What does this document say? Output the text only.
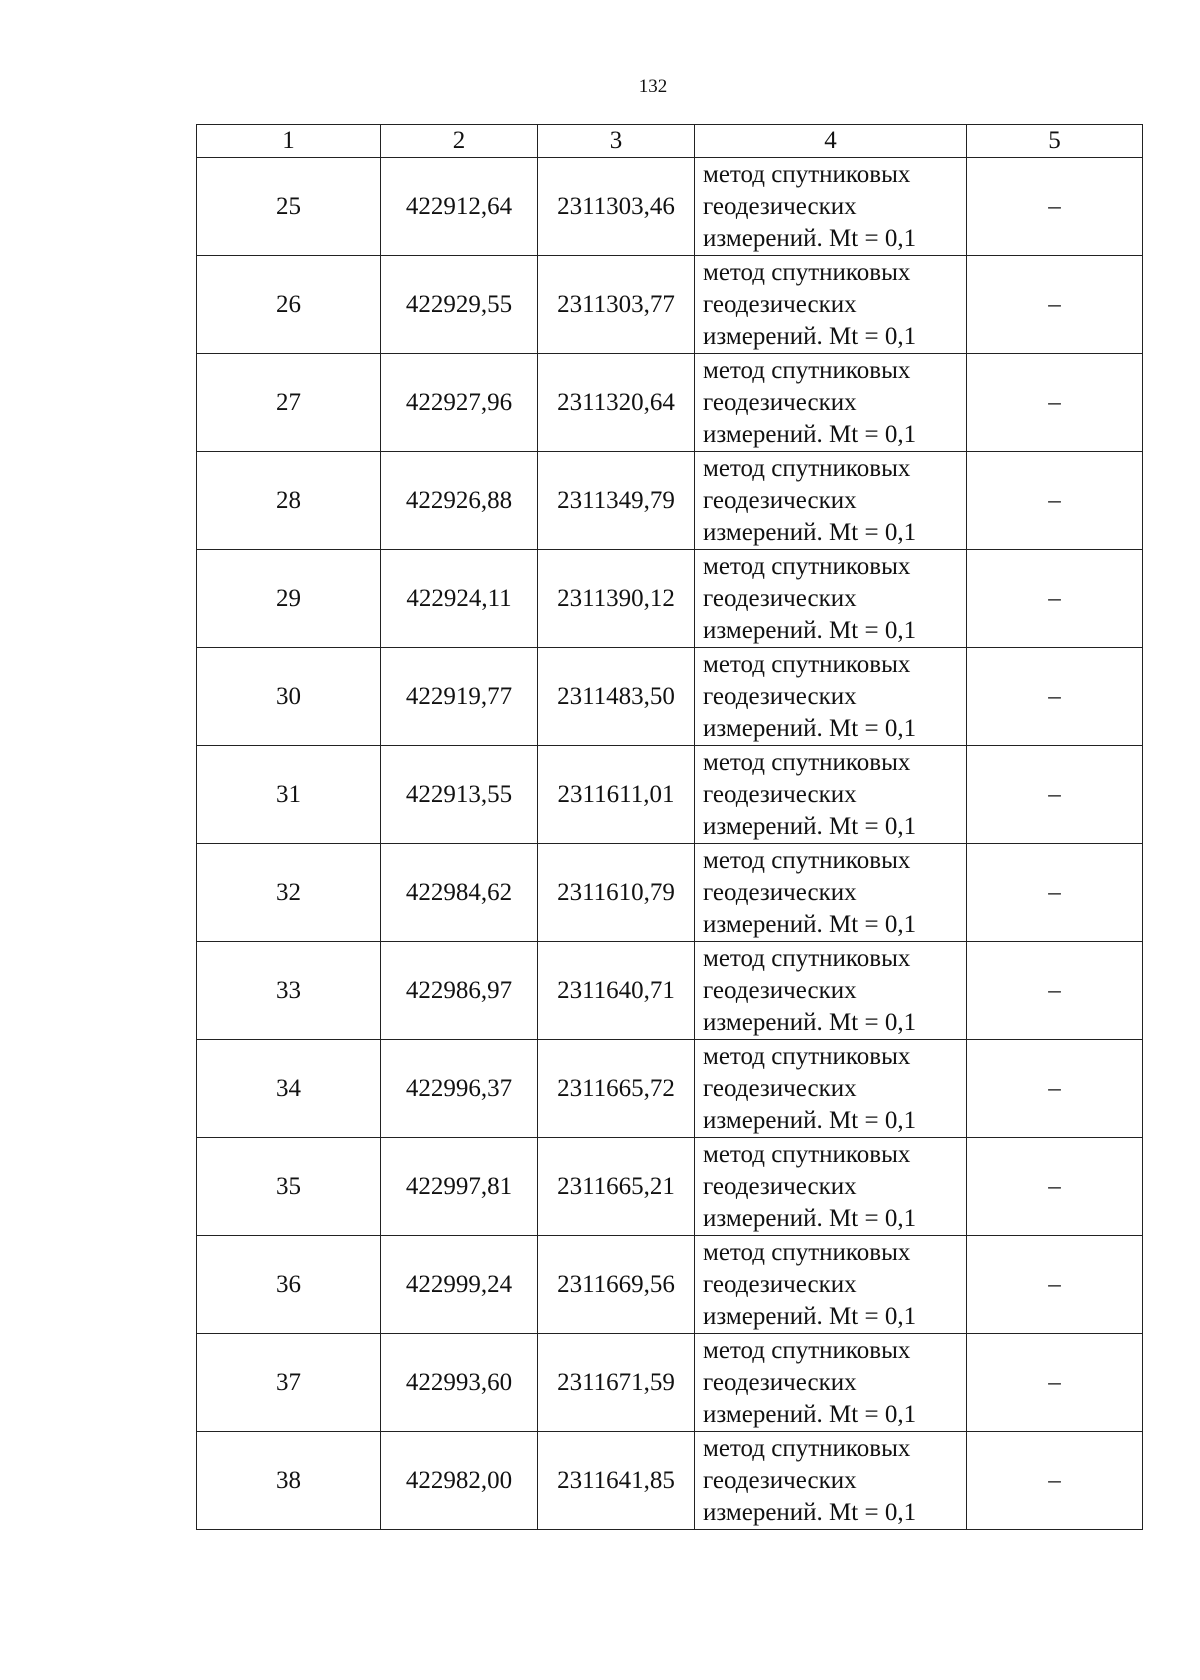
132
1	2	3	4	5
25	422912,64	2311303,46	метод спутниковых
геодезических
измерений. Mt = 0,1	–
26	422929,55	2311303,77	метод спутниковых
геодезических
измерений. Mt = 0,1	–
27	422927,96	2311320,64	метод спутниковых
геодезических
измерений. Mt = 0,1	–
28	422926,88	2311349,79	метод спутниковых
геодезических
измерений. Mt = 0,1	–
29	422924,11	2311390,12	метод спутниковых
геодезических
измерений. Mt = 0,1	–
30	422919,77	2311483,50	метод спутниковых
геодезических
измерений. Mt = 0,1	–
31	422913,55	2311611,01	метод спутниковых
геодезических
измерений. Mt = 0,1	–
32	422984,62	2311610,79	метод спутниковых
геодезических
измерений. Mt = 0,1	–
33	422986,97	2311640,71	метод спутниковых
геодезических
измерений. Mt = 0,1	–
34	422996,37	2311665,72	метод спутниковых
геодезических
измерений. Mt = 0,1	–
35	422997,81	2311665,21	метод спутниковых
геодезических
измерений. Mt = 0,1	–
36	422999,24	2311669,56	метод спутниковых
геодезических
измерений. Mt = 0,1	–
37	422993,60	2311671,59	метод спутниковых
геодезических
измерений. Mt = 0,1	–
38	422982,00	2311641,85	метод спутниковых
геодезических
измерений. Mt = 0,1	–
